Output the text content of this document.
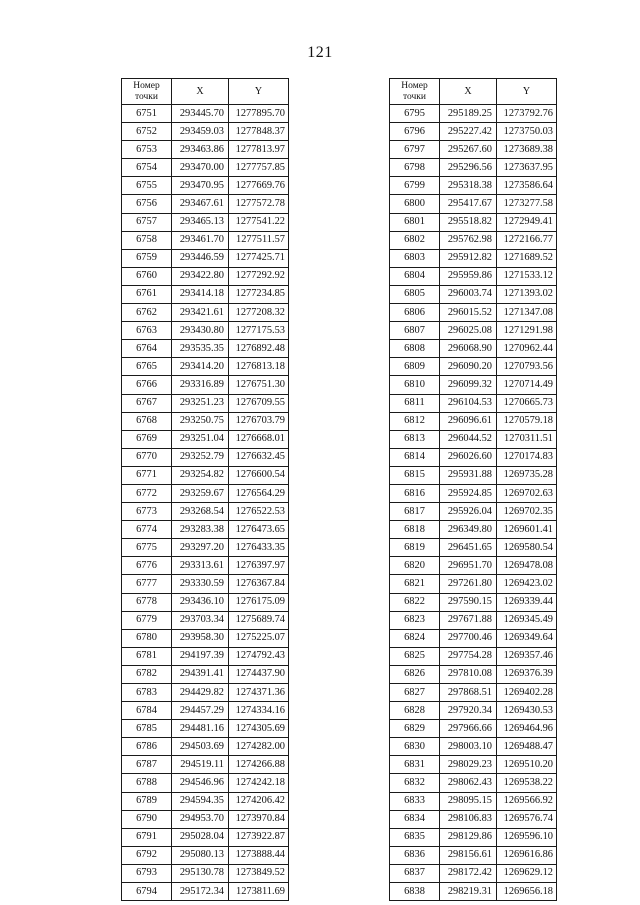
121
Номер
точки	X	Y
6751	293445.70	1277895.70
6752	293459.03	1277848.37
6753	293463.86	1277813.97
6754	293470.00	1277757.85
6755	293470.95	1277669.76
6756	293467.61	1277572.78
6757	293465.13	1277541.22
6758	293461.70	1277511.57
6759	293446.59	1277425.71
6760	293422.80	1277292.92
6761	293414.18	1277234.85
6762	293421.61	1277208.32
6763	293430.80	1277175.53
6764	293535.35	1276892.48
6765	293414.20	1276813.18
6766	293316.89	1276751.30
6767	293251.23	1276709.55
6768	293250.75	1276703.79
6769	293251.04	1276668.01
6770	293252.79	1276632.45
6771	293254.82	1276600.54
6772	293259.67	1276564.29
6773	293268.54	1276522.53
6774	293283.38	1276473.65
6775	293297.20	1276433.35
6776	293313.61	1276397.97
6777	293330.59	1276367.84
6778	293436.10	1276175.09
6779	293703.34	1275689.74
6780	293958.30	1275225.07
6781	294197.39	1274792.43
6782	294391.41	1274437.90
6783	294429.82	1274371.36
6784	294457.29	1274334.16
6785	294481.16	1274305.69
6786	294503.69	1274282.00
6787	294519.11	1274266.88
6788	294546.96	1274242.18
6789	294594.35	1274206.42
6790	294953.70	1273970.84
6791	295028.04	1273922.87
6792	295080.13	1273888.44
6793	295130.78	1273849.52
6794	295172.34	1273811.69
Номер
точки	X	Y
6795	295189.25	1273792.76
6796	295227.42	1273750.03
6797	295267.60	1273689.38
6798	295296.56	1273637.95
6799	295318.38	1273586.64
6800	295417.67	1273277.58
6801	295518.82	1272949.41
6802	295762.98	1272166.77
6803	295912.82	1271689.52
6804	295959.86	1271533.12
6805	296003.74	1271393.02
6806	296015.52	1271347.08
6807	296025.08	1271291.98
6808	296068.90	1270962.44
6809	296090.20	1270793.56
6810	296099.32	1270714.49
6811	296104.53	1270665.73
6812	296096.61	1270579.18
6813	296044.52	1270311.51
6814	296026.60	1270174.83
6815	295931.88	1269735.28
6816	295924.85	1269702.63
6817	295926.04	1269702.35
6818	296349.80	1269601.41
6819	296451.65	1269580.54
6820	296951.70	1269478.08
6821	297261.80	1269423.02
6822	297590.15	1269339.44
6823	297671.88	1269345.49
6824	297700.46	1269349.64
6825	297754.28	1269357.46
6826	297810.08	1269376.39
6827	297868.51	1269402.28
6828	297920.34	1269430.53
6829	297966.66	1269464.96
6830	298003.10	1269488.47
6831	298029.23	1269510.20
6832	298062.43	1269538.22
6833	298095.15	1269566.92
6834	298106.83	1269576.74
6835	298129.86	1269596.10
6836	298156.61	1269616.86
6837	298172.42	1269629.12
6838	298219.31	1269656.18
